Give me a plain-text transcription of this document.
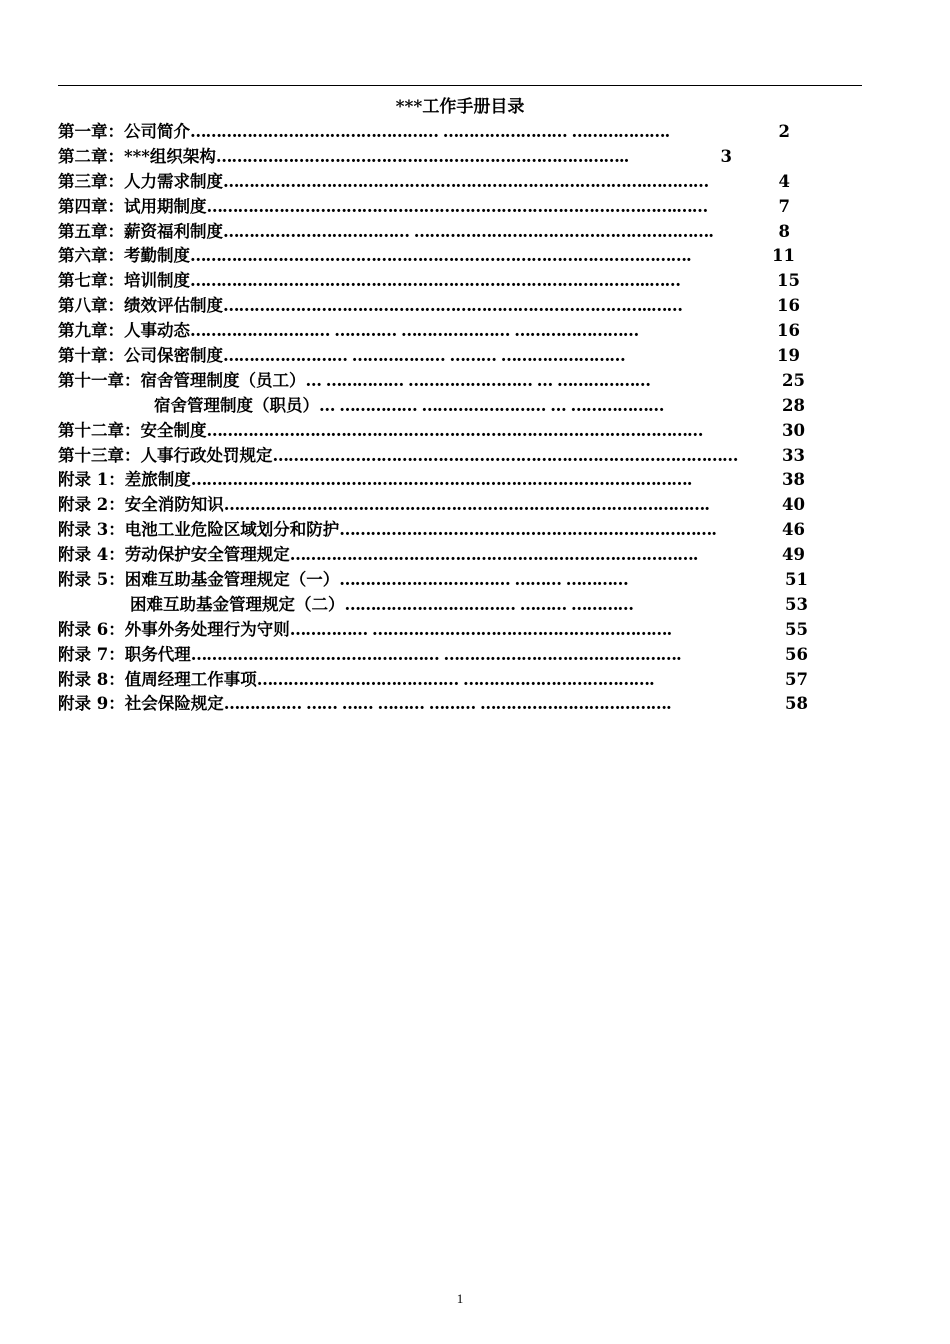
***工作手册目录
第一章：公司简介 ………………………………………… …………………… ……………….	2
第二章：***组织架构 ……………………………………………………………………..	3
第三章：人力需求制度 ……………………………………………………………………….…………	4
第四章：试用期制度 ……………………………………………………………………………….……	7
第五章：薪资福利制度 ……………………………… ………………………………………………….	8
第六章：考勤制度 …………………………………………………………………………………….	11
第七章：培训制度 ……………………………………………………………………………..……	15
第八章：绩效评估制度 ………………………………………………………………………..……	16
第九章：人事动态 ……………………… ………… ………………… ……………………	16
第十章：公司保密制度 …………………… ……………… ……… ……………………	19
第十一章：宿舍管理制度（员工） … …………… …………………… … ………………	25
宿舍管理制度（职员） … …………… …………………… … ………………	28
第十二章：安全制度 ……………………………………………………………………………………	30
第十三章：人事行政处罚规定 ………………………………………………………………………………	33
附录 1：差旅制度 …………………………………………………………………………………….	38
附录 2：安全消防知识 ………………………………………………………………………………….	40
附录 3：电池工业危险区域划分和防护 ……………………………………………………………….	46
附录 4：劳动保护安全管理规定 …………………………………………………………………….	49
附录 5：困难互助基金管理规定（一） …………………………… ……… …………	51
困难互助基金管理规定（二） …………………………… ……… …………	53
附录 6：外事外务处理行为守则 …………… ………………………………………………….	55
附录 7：职务代理 ………………………………………… ……………………………………….	56
附录 8：值周经理工作事项 ………………………………… ……………………………….	57
附录 9：社会保险规定 …………… …… …… ……… ……… ……………………………….	58
1
